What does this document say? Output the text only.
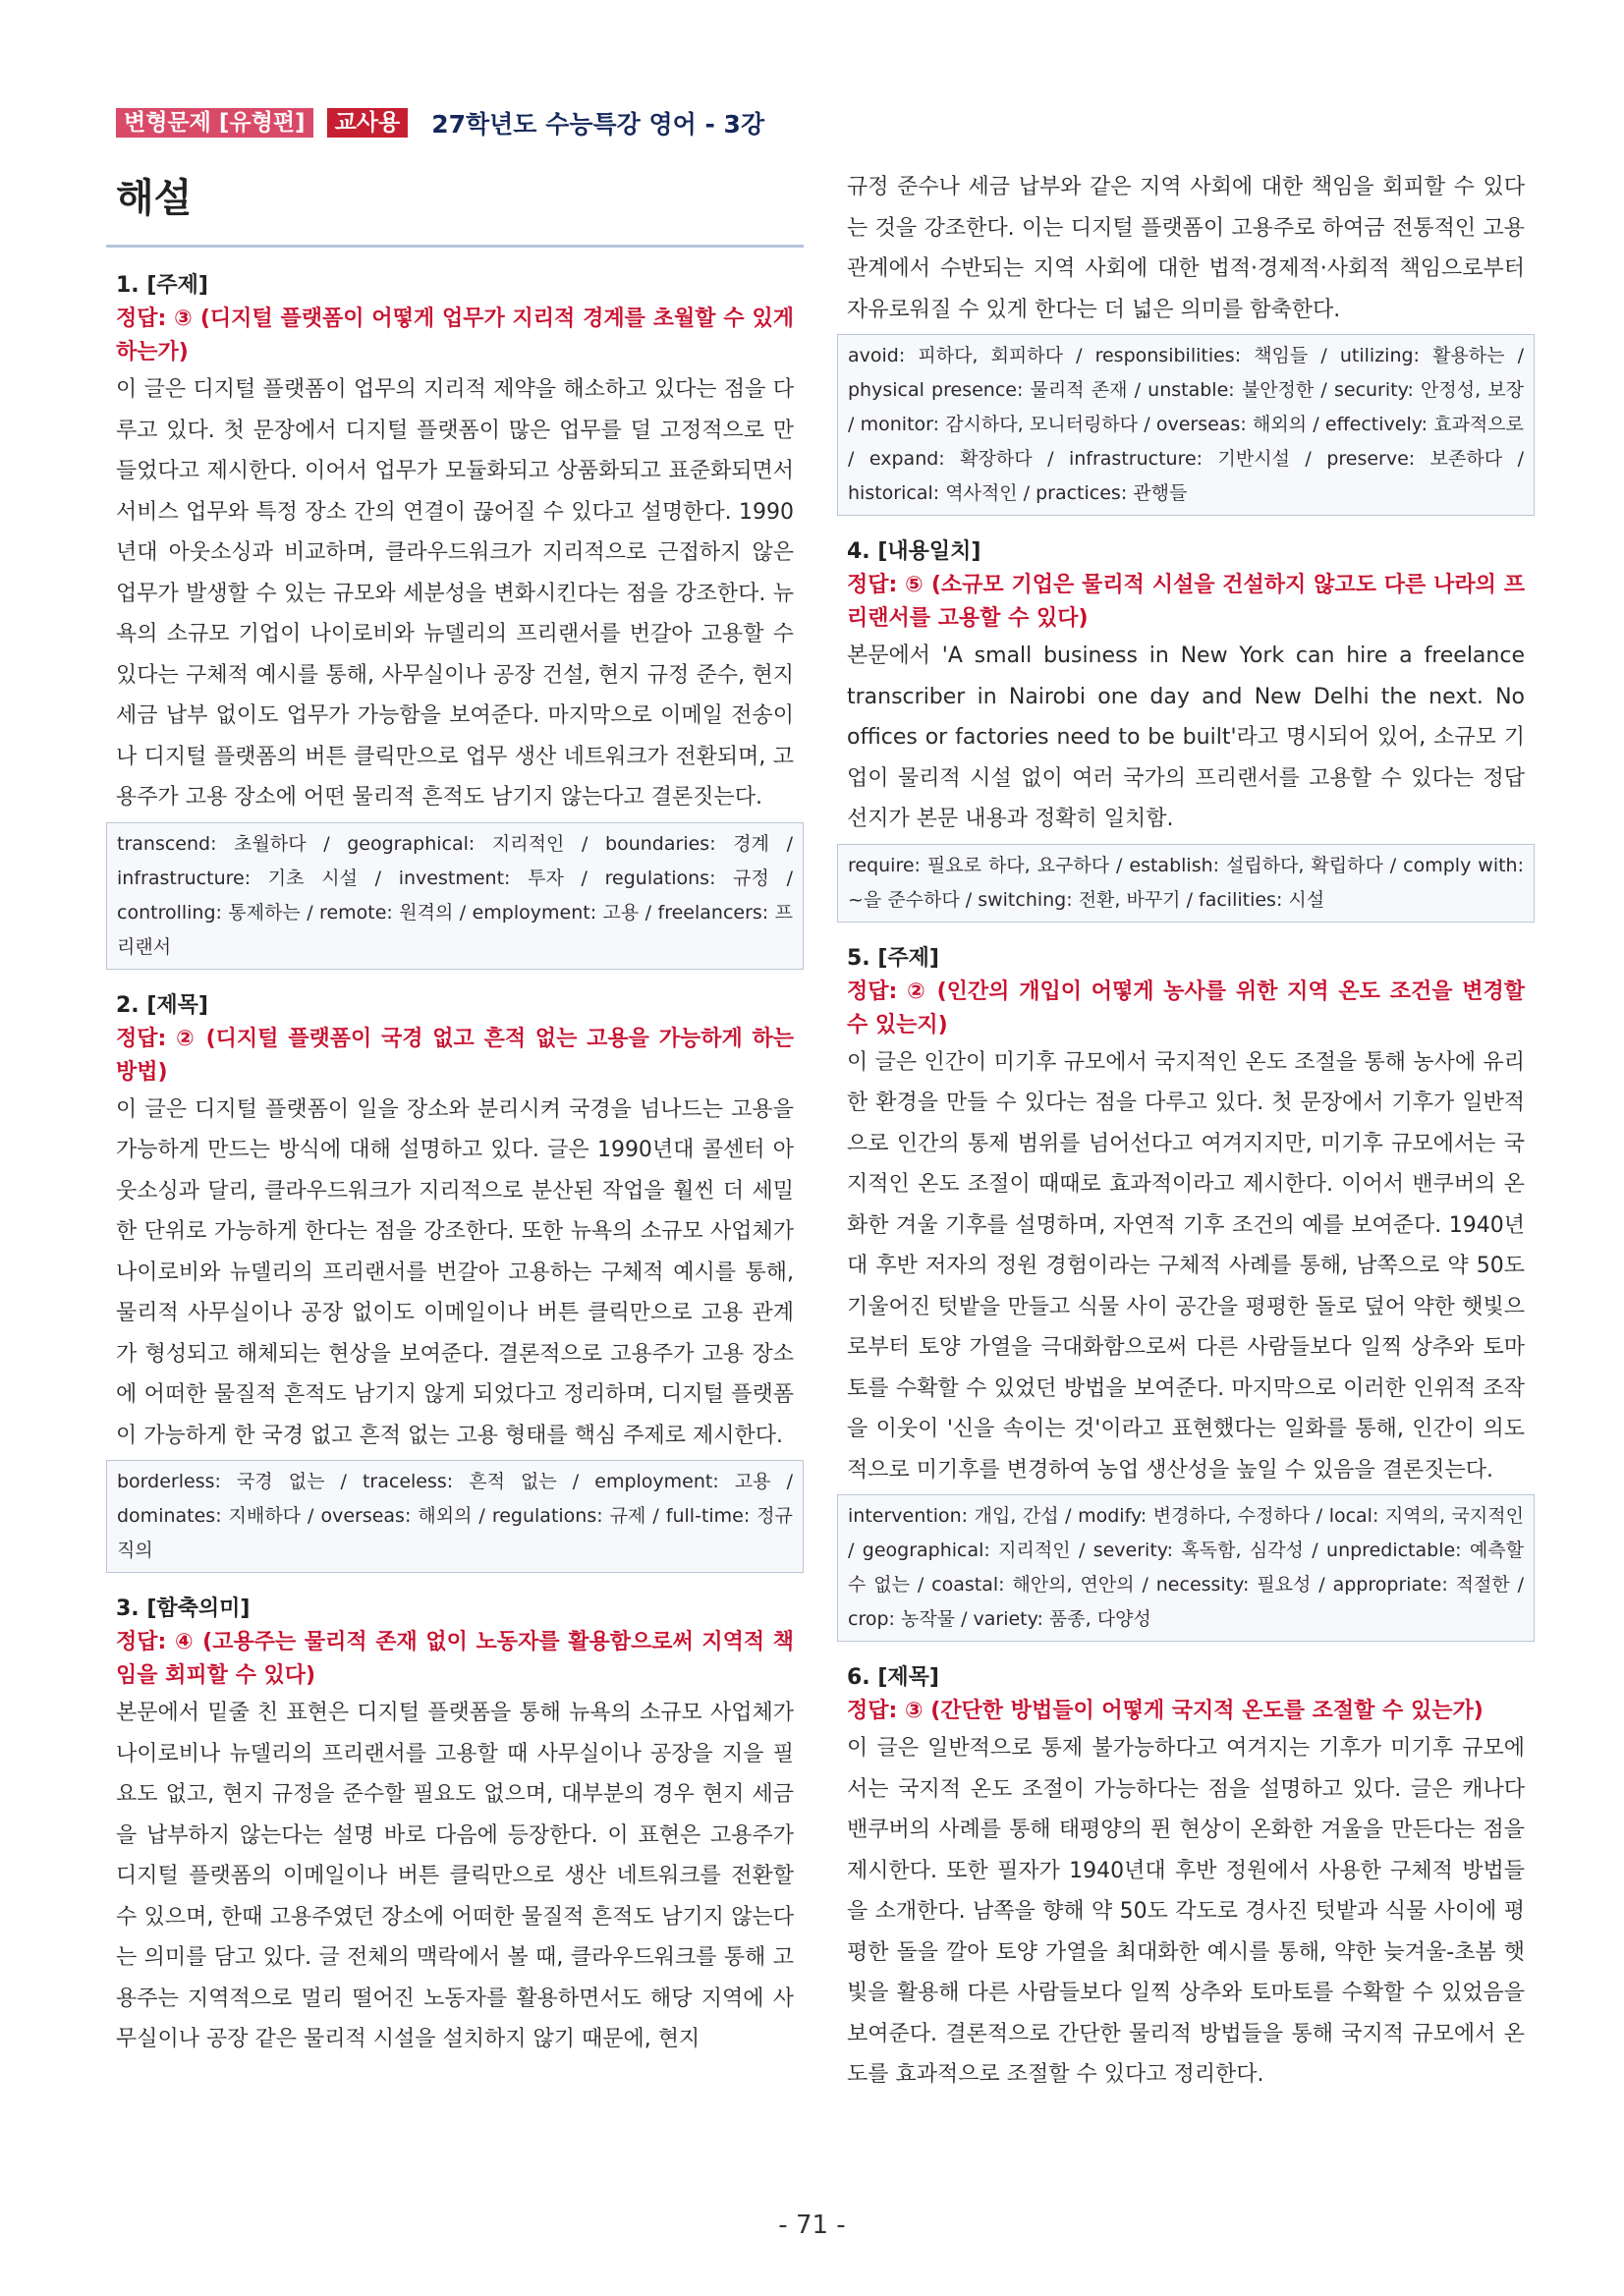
변형문제 [유형편]	교사용	27학년도 수능특강 영어 - 3강
해설
1. [주제]
정답: ③ (디지털 플랫폼이 어떻게 업무가 지리적 경계를 초월할 수 있게 하는가)
이 글은 디지털 플랫폼이 업무의 지리적 제약을 해소하고 있다는 점을 다루고 있다. 첫 문장에서 디지털 플랫폼이 많은 업무를 덜 고정적으로 만들었다고 제시한다. 이어서 업무가 모듈화되고 상품화되고 표준화되면서 서비스 업무와 특정 장소 간의 연결이 끊어질 수 있다고 설명한다. 1990년대 아웃소싱과 비교하며, 클라우드워크가 지리적으로 근접하지 않은 업무가 발생할 수 있는 규모와 세분성을 변화시킨다는 점을 강조한다. 뉴욕의 소규모 기업이 나이로비와 뉴델리의 프리랜서를 번갈아 고용할 수 있다는 구체적 예시를 통해, 사무실이나 공장 건설, 현지 규정 준수, 현지 세금 납부 없이도 업무가 가능함을 보여준다. 마지막으로 이메일 전송이나 디지털 플랫폼의 버튼 클릭만으로 업무 생산 네트워크가 전환되며, 고용주가 고용 장소에 어떤 물리적 흔적도 남기지 않는다고 결론짓는다.
transcend: 초월하다 / geographical: 지리적인 / boundaries: 경계 / infrastructure: 기초 시설 / investment: 투자 / regulations: 규정 / controlling: 통제하는 / remote: 원격의 / employment: 고용 / freelancers: 프리랜서
2. [제목]
정답: ② (디지털 플랫폼이 국경 없고 흔적 없는 고용을 가능하게 하는 방법)
이 글은 디지털 플랫폼이 일을 장소와 분리시켜 국경을 넘나드는 고용을 가능하게 만드는 방식에 대해 설명하고 있다. 글은 1990년대 콜센터 아웃소싱과 달리, 클라우드워크가 지리적으로 분산된 작업을 훨씬 더 세밀한 단위로 가능하게 한다는 점을 강조한다. 또한 뉴욕의 소규모 사업체가 나이로비와 뉴델리의 프리랜서를 번갈아 고용하는 구체적 예시를 통해, 물리적 사무실이나 공장 없이도 이메일이나 버튼 클릭만으로 고용 관계가 형성되고 해체되는 현상을 보여준다. 결론적으로 고용주가 고용 장소에 어떠한 물질적 흔적도 남기지 않게 되었다고 정리하며, 디지털 플랫폼이 가능하게 한 국경 없고 흔적 없는 고용 형태를 핵심 주제로 제시한다.
borderless: 국경 없는 / traceless: 흔적 없는 / employment: 고용 / dominates: 지배하다 / overseas: 해외의 / regulations: 규제 / full-time: 정규직의
3. [함축의미]
정답: ④ (고용주는 물리적 존재 없이 노동자를 활용함으로써 지역적 책임을 회피할 수 있다)
본문에서 밑줄 친 표현은 디지털 플랫폼을 통해 뉴욕의 소규모 사업체가 나이로비나 뉴델리의 프리랜서를 고용할 때 사무실이나 공장을 지을 필요도 없고, 현지 규정을 준수할 필요도 없으며, 대부분의 경우 현지 세금을 납부하지 않는다는 설명 바로 다음에 등장한다. 이 표현은 고용주가 디지털 플랫폼의 이메일이나 버튼 클릭만으로 생산 네트워크를 전환할 수 있으며, 한때 고용주였던 장소에 어떠한 물질적 흔적도 남기지 않는다는 의미를 담고 있다. 글 전체의 맥락에서 볼 때, 클라우드워크를 통해 고용주는 지역적으로 멀리 떨어진 노동자를 활용하면서도 해당 지역에 사무실이나 공장 같은 물리적 시설을 설치하지 않기 때문에, 현지
규정 준수나 세금 납부와 같은 지역 사회에 대한 책임을 회피할 수 있다는 것을 강조한다. 이는 디지털 플랫폼이 고용주로 하여금 전통적인 고용 관계에서 수반되는 지역 사회에 대한 법적·경제적·사회적 책임으로부터 자유로워질 수 있게 한다는 더 넓은 의미를 함축한다.
avoid: 피하다, 회피하다 / responsibilities: 책임들 / utilizing: 활용하는 / physical presence: 물리적 존재 / unstable: 불안정한 / security: 안정성, 보장 / monitor: 감시하다, 모니터링하다 / overseas: 해외의 / effectively: 효과적으로 / expand: 확장하다 / infrastructure: 기반시설 / preserve: 보존하다 / historical: 역사적인 / practices: 관행들
4. [내용일치]
정답: ⑤ (소규모 기업은 물리적 시설을 건설하지 않고도 다른 나라의 프리랜서를 고용할 수 있다)
본문에서 'A small business in New York can hire a freelance transcriber in Nairobi one day and New Delhi the next. No offices or factories need to be built'라고 명시되어 있어, 소규모 기업이 물리적 시설 없이 여러 국가의 프리랜서를 고용할 수 있다는 정답 선지가 본문 내용과 정확히 일치함.
require: 필요로 하다, 요구하다 / establish: 설립하다, 확립하다 / comply with: ~을 준수하다 / switching: 전환, 바꾸기 / facilities: 시설
5. [주제]
정답: ② (인간의 개입이 어떻게 농사를 위한 지역 온도 조건을 변경할 수 있는지)
이 글은 인간이 미기후 규모에서 국지적인 온도 조절을 통해 농사에 유리한 환경을 만들 수 있다는 점을 다루고 있다. 첫 문장에서 기후가 일반적으로 인간의 통제 범위를 넘어선다고 여겨지지만, 미기후 규모에서는 국지적인 온도 조절이 때때로 효과적이라고 제시한다. 이어서 밴쿠버의 온화한 겨울 기후를 설명하며, 자연적 기후 조건의 예를 보여준다. 1940년대 후반 저자의 정원 경험이라는 구체적 사례를 통해, 남쪽으로 약 50도 기울어진 텃밭을 만들고 식물 사이 공간을 평평한 돌로 덮어 약한 햇빛으로부터 토양 가열을 극대화함으로써 다른 사람들보다 일찍 상추와 토마토를 수확할 수 있었던 방법을 보여준다. 마지막으로 이러한 인위적 조작을 이웃이 '신을 속이는 것'이라고 표현했다는 일화를 통해, 인간이 의도적으로 미기후를 변경하여 농업 생산성을 높일 수 있음을 결론짓는다.
intervention: 개입, 간섭 / modify: 변경하다, 수정하다 / local: 지역의, 국지적인 / geographical: 지리적인 / severity: 혹독함, 심각성 / unpredictable: 예측할 수 없는 / coastal: 해안의, 연안의 / necessity: 필요성 / appropriate: 적절한 / crop: 농작물 / variety: 품종, 다양성
6. [제목]
정답: ③ (간단한 방법들이 어떻게 국지적 온도를 조절할 수 있는가)
이 글은 일반적으로 통제 불가능하다고 여겨지는 기후가 미기후 규모에서는 국지적 온도 조절이 가능하다는 점을 설명하고 있다. 글은 캐나다 밴쿠버의 사례를 통해 태평양의 퓐 현상이 온화한 겨울을 만든다는 점을 제시한다. 또한 필자가 1940년대 후반 정원에서 사용한 구체적 방법들을 소개한다. 남쪽을 향해 약 50도 각도로 경사진 텃밭과 식물 사이에 평평한 돌을 깔아 토양 가열을 최대화한 예시를 통해, 약한 늦겨울-초봄 햇빛을 활용해 다른 사람들보다 일찍 상추와 토마토를 수확할 수 있었음을 보여준다. 결론적으로 간단한 물리적 방법들을 통해 국지적 규모에서 온도를 효과적으로 조절할 수 있다고 정리한다.
- 71 -
